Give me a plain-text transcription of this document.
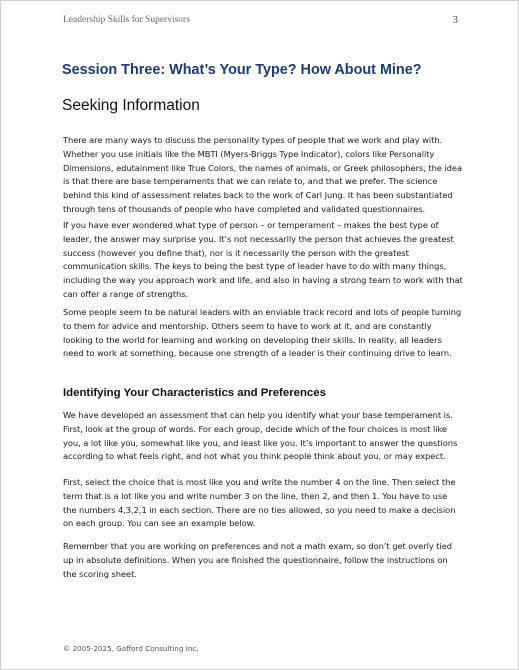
Leadership Skills for Supervisors	3
Session Three: What’s Your Type? How About Mine?
Seeking Information

There are many ways to discuss the personality types of people that we work and play with. Whether you use initials like the MBTI (Myers-Briggs Type Indicator), colors like Personality Dimensions, edutainment like True Colors, the names of animals, or Greek philosophers, the idea is that there are base temperaments that we can relate to, and that we prefer. The science behind this kind of assessment relates back to the work of Carl Jung. It has been substantiated through tens of thousands of people who have completed and validated questionnaires.

If you have ever wondered what type of person – or temperament – makes the best type of leader, the answer may surprise you. It’s not necessarily the person that achieves the greatest success (however you define that), nor is it necessarily the person with the greatest communication skills. The keys to being the best type of leader have to do with many things, including the way you approach work and life, and also in having a strong team to work with that can offer a range of strengths.

Some people seem to be natural leaders with an enviable track record and lots of people turning to them for advice and mentorship. Others seem to have to work at it, and are constantly looking to the world for learning and working on developing their skills. In reality, all leaders need to work at something, because one strength of a leader is their continuing drive to learn.

Identifying Your Characteristics and Preferences

We have developed an assessment that can help you identify what your base temperament is. First, look at the group of words. For each group, decide which of the four choices is most like you, a lot like you, somewhat like you, and least like you. It’s important to answer the questions according to what feels right, and not what you think people think about you, or may expect.

First, select the choice that is most like you and write the number 4 on the line. Then select the term that is a lot like you and write number 3 on the line, then 2, and then 1. You have to use the numbers 4,3,2,1 in each section. There are no ties allowed, so you need to make a decision on each group. You can see an example below.

Remember that you are working on preferences and not a math exam, so don’t get overly tied up in absolute definitions. When you are finished the questionnaire, follow the instructions on the scoring sheet.

© 2005-2025, Gafford Consulting Inc.
